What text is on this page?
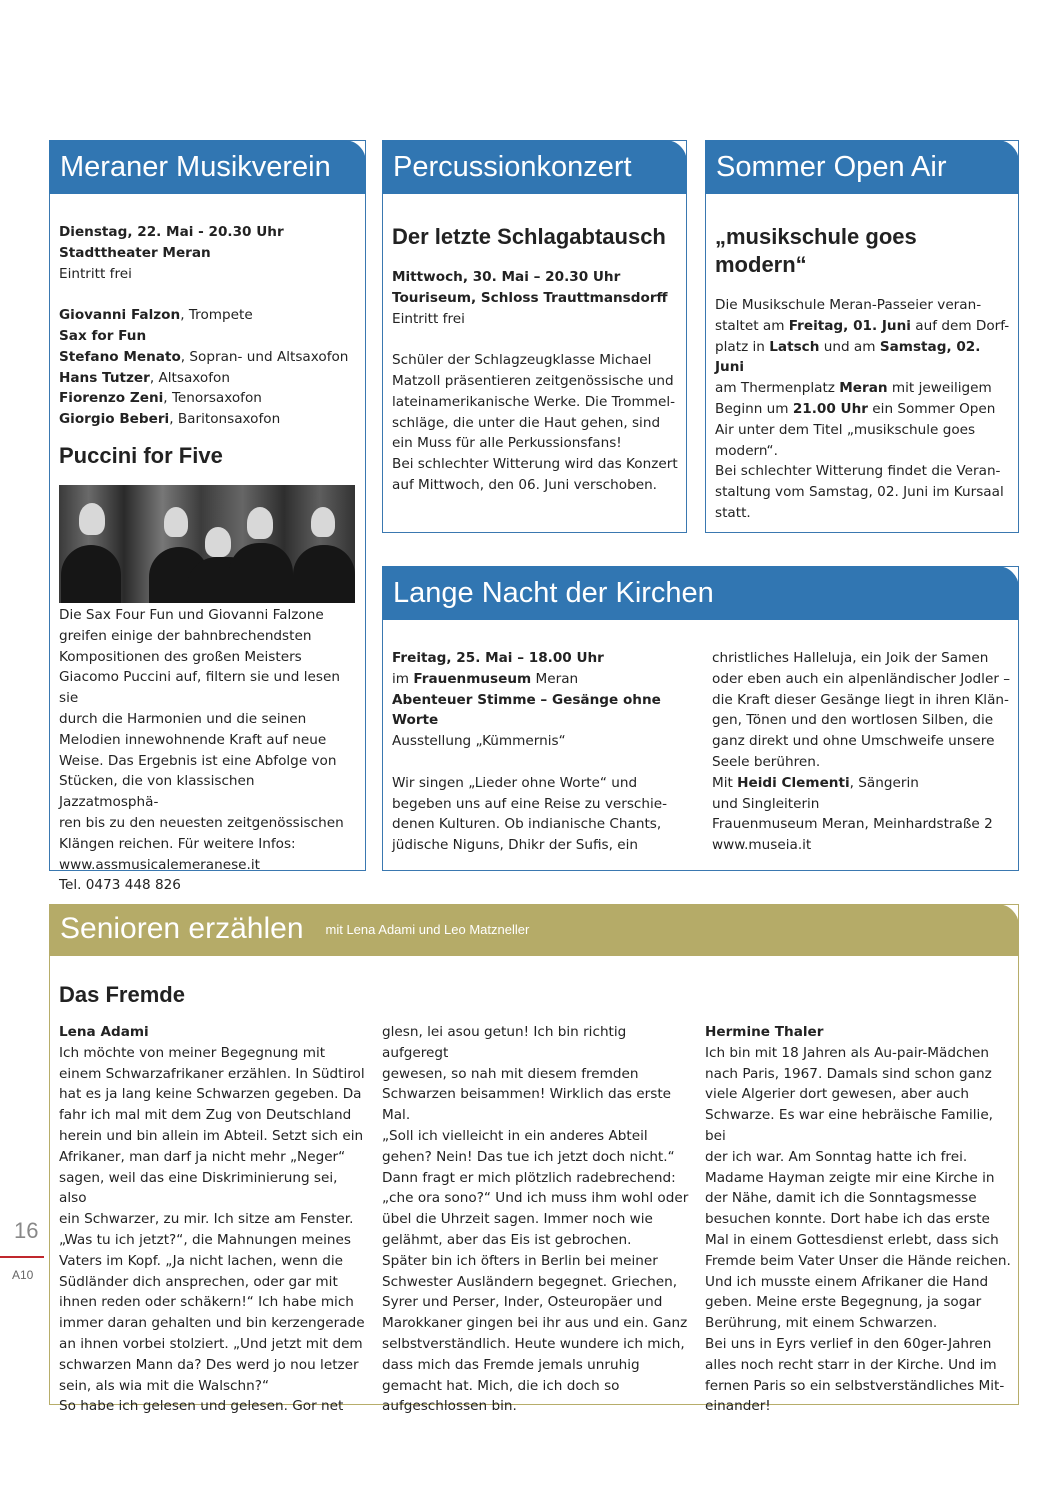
Meraner Musikverein

Dienstag, 22. Mai - 20.30 Uhr

Stadttheater Meran

Eintritt frei

Giovanni Falzon, Trompete

Sax for Fun

Stefano Menato, Sopran- und Altsaxofon

Hans Tutzer, Altsaxofon

Fiorenzo Zeni, Tenorsaxofon

Giorgio Beberi, Baritonsaxofon

Puccini for Five

Die Sax Four Fun und Giovanni Falzone

greifen einige der bahnbrechendsten

Kompositionen des großen Meisters

Giacomo Puccini auf, filtern sie und lesen sie

durch die Harmonien und die seinen

Melodien innewohnende Kraft auf neue

Weise. Das Ergebnis ist eine Abfolge von

Stücken, die von klassischen Jazzatmosphä-

ren bis zu den neuesten zeitgenössischen

Klängen reichen. Für weitere Infos:

www.assmusicalemeranese.it

Tel. 0473 448 826

Percussionkonzert
Der letzte Schlagabtausch

Mittwoch, 30. Mai – 20.30 Uhr

Touriseum, Schloss Trauttmansdorff

Eintritt frei

Schüler der Schlagzeugklasse Michael

Matzoll präsentieren zeitgenössische und

lateinamerikanische Werke. Die Trommel-

schläge, die unter die Haut gehen, sind

ein Muss für alle Perkussionsfans!

Bei schlechter Witterung wird das Konzert

auf Mittwoch, den 06. Juni verschoben.

Sommer Open Air
„musikschule goes
modern“

Die Musikschule Meran-Passeier veran-

staltet am Freitag, 01. Juni auf dem Dorf-

platz in Latsch und am Samstag, 02. Juni

am Thermenplatz Meran mit jeweiligem

Beginn um 21.00 Uhr ein Sommer Open

Air unter dem Titel „musikschule goes

modern“.

Bei schlechter Witterung findet die Veran-

staltung vom Samstag, 02. Juni im Kursaal

statt.

Lange Nacht der Kirchen

Freitag, 25. Mai – 18.00 Uhr

im Frauenmuseum Meran

Abenteuer Stimme – Gesänge ohne

Worte

Ausstellung „Kümmernis“

Wir singen „Lieder ohne Worte“ und

begeben uns auf eine Reise zu verschie-

denen Kulturen. Ob indianische Chants,

jüdische Niguns, Dhikr der Sufis, ein

christliches Halleluja, ein Joik der Samen

oder eben auch ein alpenländischer Jodler –

die Kraft dieser Gesänge liegt in ihren Klän-

gen, Tönen und den wortlosen Silben, die

ganz direkt und ohne Umschweife unsere

Seele berühren.

Mit Heidi Clementi, Sängerin

und Singleiterin

Frauenmuseum Meran, Meinhardstraße 2

www.museia.it

Senioren erzählen mit Lena Adami und Leo Matzneller
Das Fremde

Lena Adami

Ich möchte von meiner Begegnung mit

einem Schwarzafrikaner erzählen. In Südtirol

hat es ja lang keine Schwarzen gegeben. Da

fahr ich mal mit dem Zug von Deutschland

herein und bin allein im Abteil. Setzt sich ein

Afrikaner, man darf ja nicht mehr „Neger“

sagen, weil das eine Diskriminierung sei, also

ein Schwarzer, zu mir. Ich sitze am Fenster.

„Was tu ich jetzt?“, die Mahnungen meines

Vaters im Kopf. „Ja nicht lachen, wenn die

Südländer dich ansprechen, oder gar mit

ihnen reden oder schäkern!“ Ich habe mich

immer daran gehalten und bin kerzengerade

an ihnen vorbei stolziert. „Und jetzt mit dem

schwarzen Mann da? Des werd jo nou letzer

sein, als wia mit die Walschn?“

So habe ich gelesen und gelesen. Gor net

glesn, lei asou getun! Ich bin richtig aufgeregt

gewesen, so nah mit diesem fremden

Schwarzen beisammen! Wirklich das erste

Mal.

„Soll ich vielleicht in ein anderes Abteil

gehen? Nein! Das tue ich jetzt doch nicht.“

Dann fragt er mich plötzlich radebrechend:

„che ora sono?“ Und ich muss ihm wohl oder

übel die Uhrzeit sagen. Immer noch wie

gelähmt, aber das Eis ist gebrochen.

Später bin ich öfters in Berlin bei meiner

Schwester Ausländern begegnet. Griechen,

Syrer und Perser, Inder, Osteuropäer und

Marokkaner gingen bei ihr aus und ein. Ganz

selbstverständlich. Heute wundere ich mich,

dass mich das Fremde jemals unruhig

gemacht hat. Mich, die ich doch so

aufgeschlossen bin.

Hermine Thaler

Ich bin mit 18 Jahren als Au-pair-Mädchen

nach Paris, 1967. Damals sind schon ganz

viele Algerier dort gewesen, aber auch

Schwarze. Es war eine hebräische Familie, bei

der ich war. Am Sonntag hatte ich frei.

Madame Hayman zeigte mir eine Kirche in

der Nähe, damit ich die Sonntagsmesse

besuchen konnte. Dort habe ich das erste

Mal in einem Gottesdienst erlebt, dass sich

Fremde beim Vater Unser die Hände reichen.

Und ich musste einem Afrikaner die Hand

geben. Meine erste Begegnung, ja sogar

Berührung, mit einem Schwarzen.

Bei uns in Eyrs verlief in den 60ger-Jahren

alles noch recht starr in der Kirche. Und im

fernen Paris so ein selbstverständliches Mit-

einander!

16
A10
